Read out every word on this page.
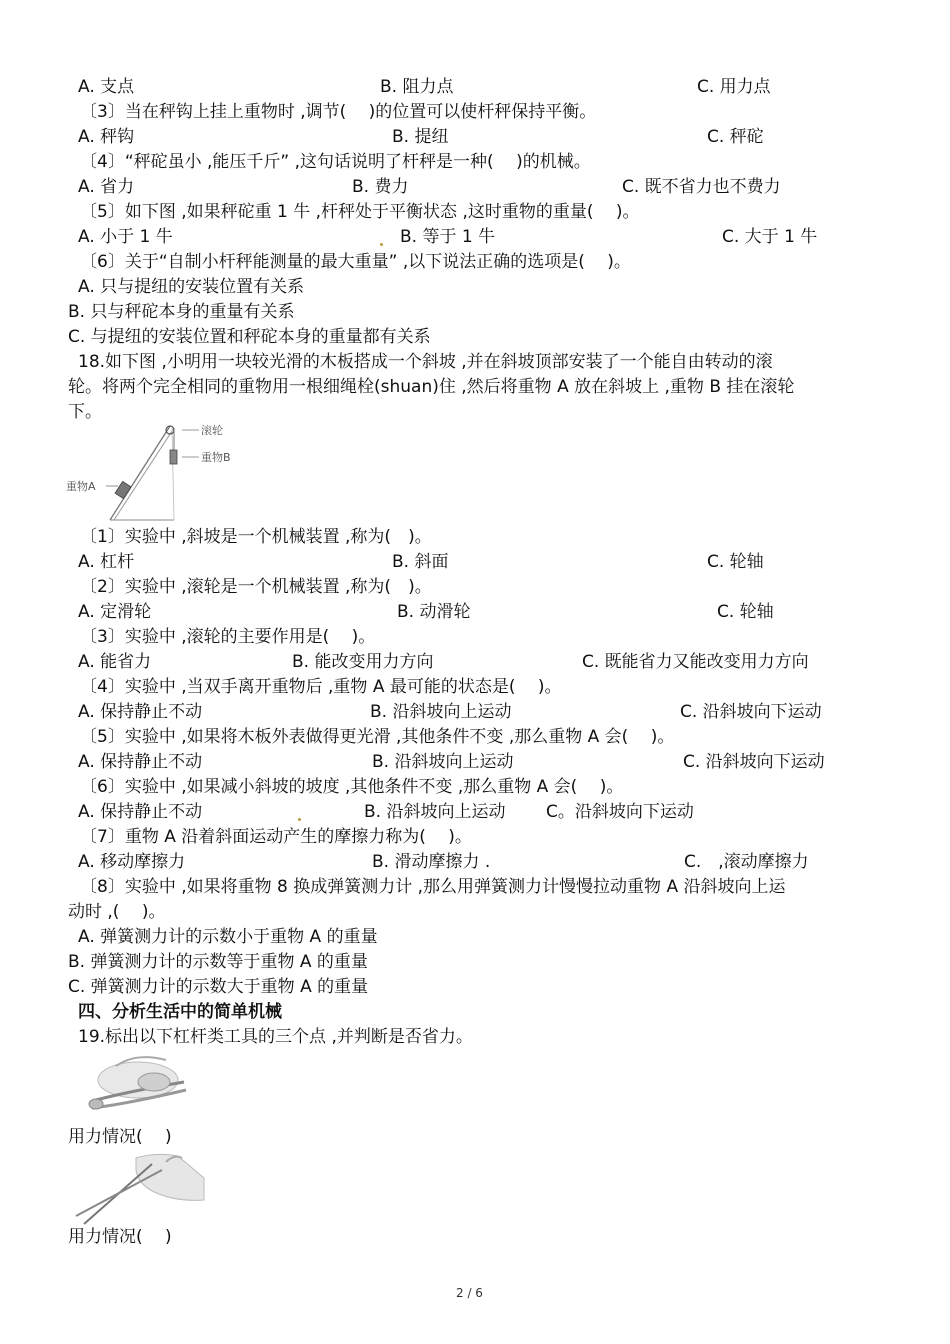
A. 支点	B. 阻力点	C. 用力点
〔3〕当在秤钩上挂上重物时 ,调节(　 )的位置可以使杆秤保持平衡。
A. 秤钩	B. 提纽	C. 秤砣
〔4〕“秤砣虽小 ,能压千斤” ,这句话说明了杆秤是一种(　 )的机械。
A. 省力	B. 费力	C. 既不省力也不费力
〔5〕如下图 ,如果秤砣重 1 牛 ,杆秤处于平衡状态 ,这时重物的重量(　 )。
A. 小于 1 牛	B. 等于 1 牛	C. 大于 1 牛
〔6〕关于“自制小杆秤能测量的最大重量” ,以下说法正确的选项是(　 )。
A. 只与提纽的安装位置有关系
B. 只与秤砣本身的重量有关系
C. 与提纽的安装位置和秤砣本身的重量都有关系
18.如下图 ,小明用一块较光滑的木板搭成一个斜坡 ,并在斜坡顶部安装了一个能自由转动的滚
轮。将两个完全相同的重物用一根细绳栓(shuan)住 ,然后将重物 A 放在斜坡上 ,重物 B 挂在滚轮
下。
滚轮
重物B
重物A
〔1〕实验中 ,斜坡是一个机械装置 ,称为(　)。
A. 杠杆	B. 斜面	C. 轮轴
〔2〕实验中 ,滚轮是一个机械装置 ,称为(　)。
A. 定滑轮	B. 动滑轮	C. 轮轴
〔3〕实验中 ,滚轮的主要作用是(　 )。
A. 能省力	B. 能改变用力方向	C. 既能省力又能改变用力方向
〔4〕实验中 ,当双手离开重物后 ,重物 A 最可能的状态是(　 )。
A. 保持静止不动	B. 沿斜坡向上运动	C. 沿斜坡向下运动
〔5〕实验中 ,如果将木板外表做得更光滑 ,其他条件不变 ,那么重物 A 会(　 )。
A. 保持静止不动	B. 沿斜坡向上运动	C. 沿斜坡向下运动
〔6〕实验中 ,如果减小斜坡的坡度 ,其他条件不变 ,那么重物 A 会(　 )。
A. 保持静止不动	B. 沿斜坡向上运动 C。沿斜坡向下运动
〔7〕重物 A 沿着斜面运动产生的摩擦力称为(　 )。
A. 移动摩擦力	B. 滑动摩擦力 .	C.　,滚动摩擦力
〔8〕实验中 ,如果将重物 8 换成弹簧测力计 ,那么用弹簧测力计慢慢拉动重物 A 沿斜坡向上运
动时 ,(　 )。
A. 弹簧测力计的示数小于重物 A 的重量
B. 弹簧测力计的示数等于重物 A 的重量
C. 弹簧测力计的示数大于重物 A 的重量
四、分析生活中的简单机械
19.标出以下杠杆类工具的三个点 ,并判断是否省力。
用力情况(　 )
用力情况(　 )
2 / 6
